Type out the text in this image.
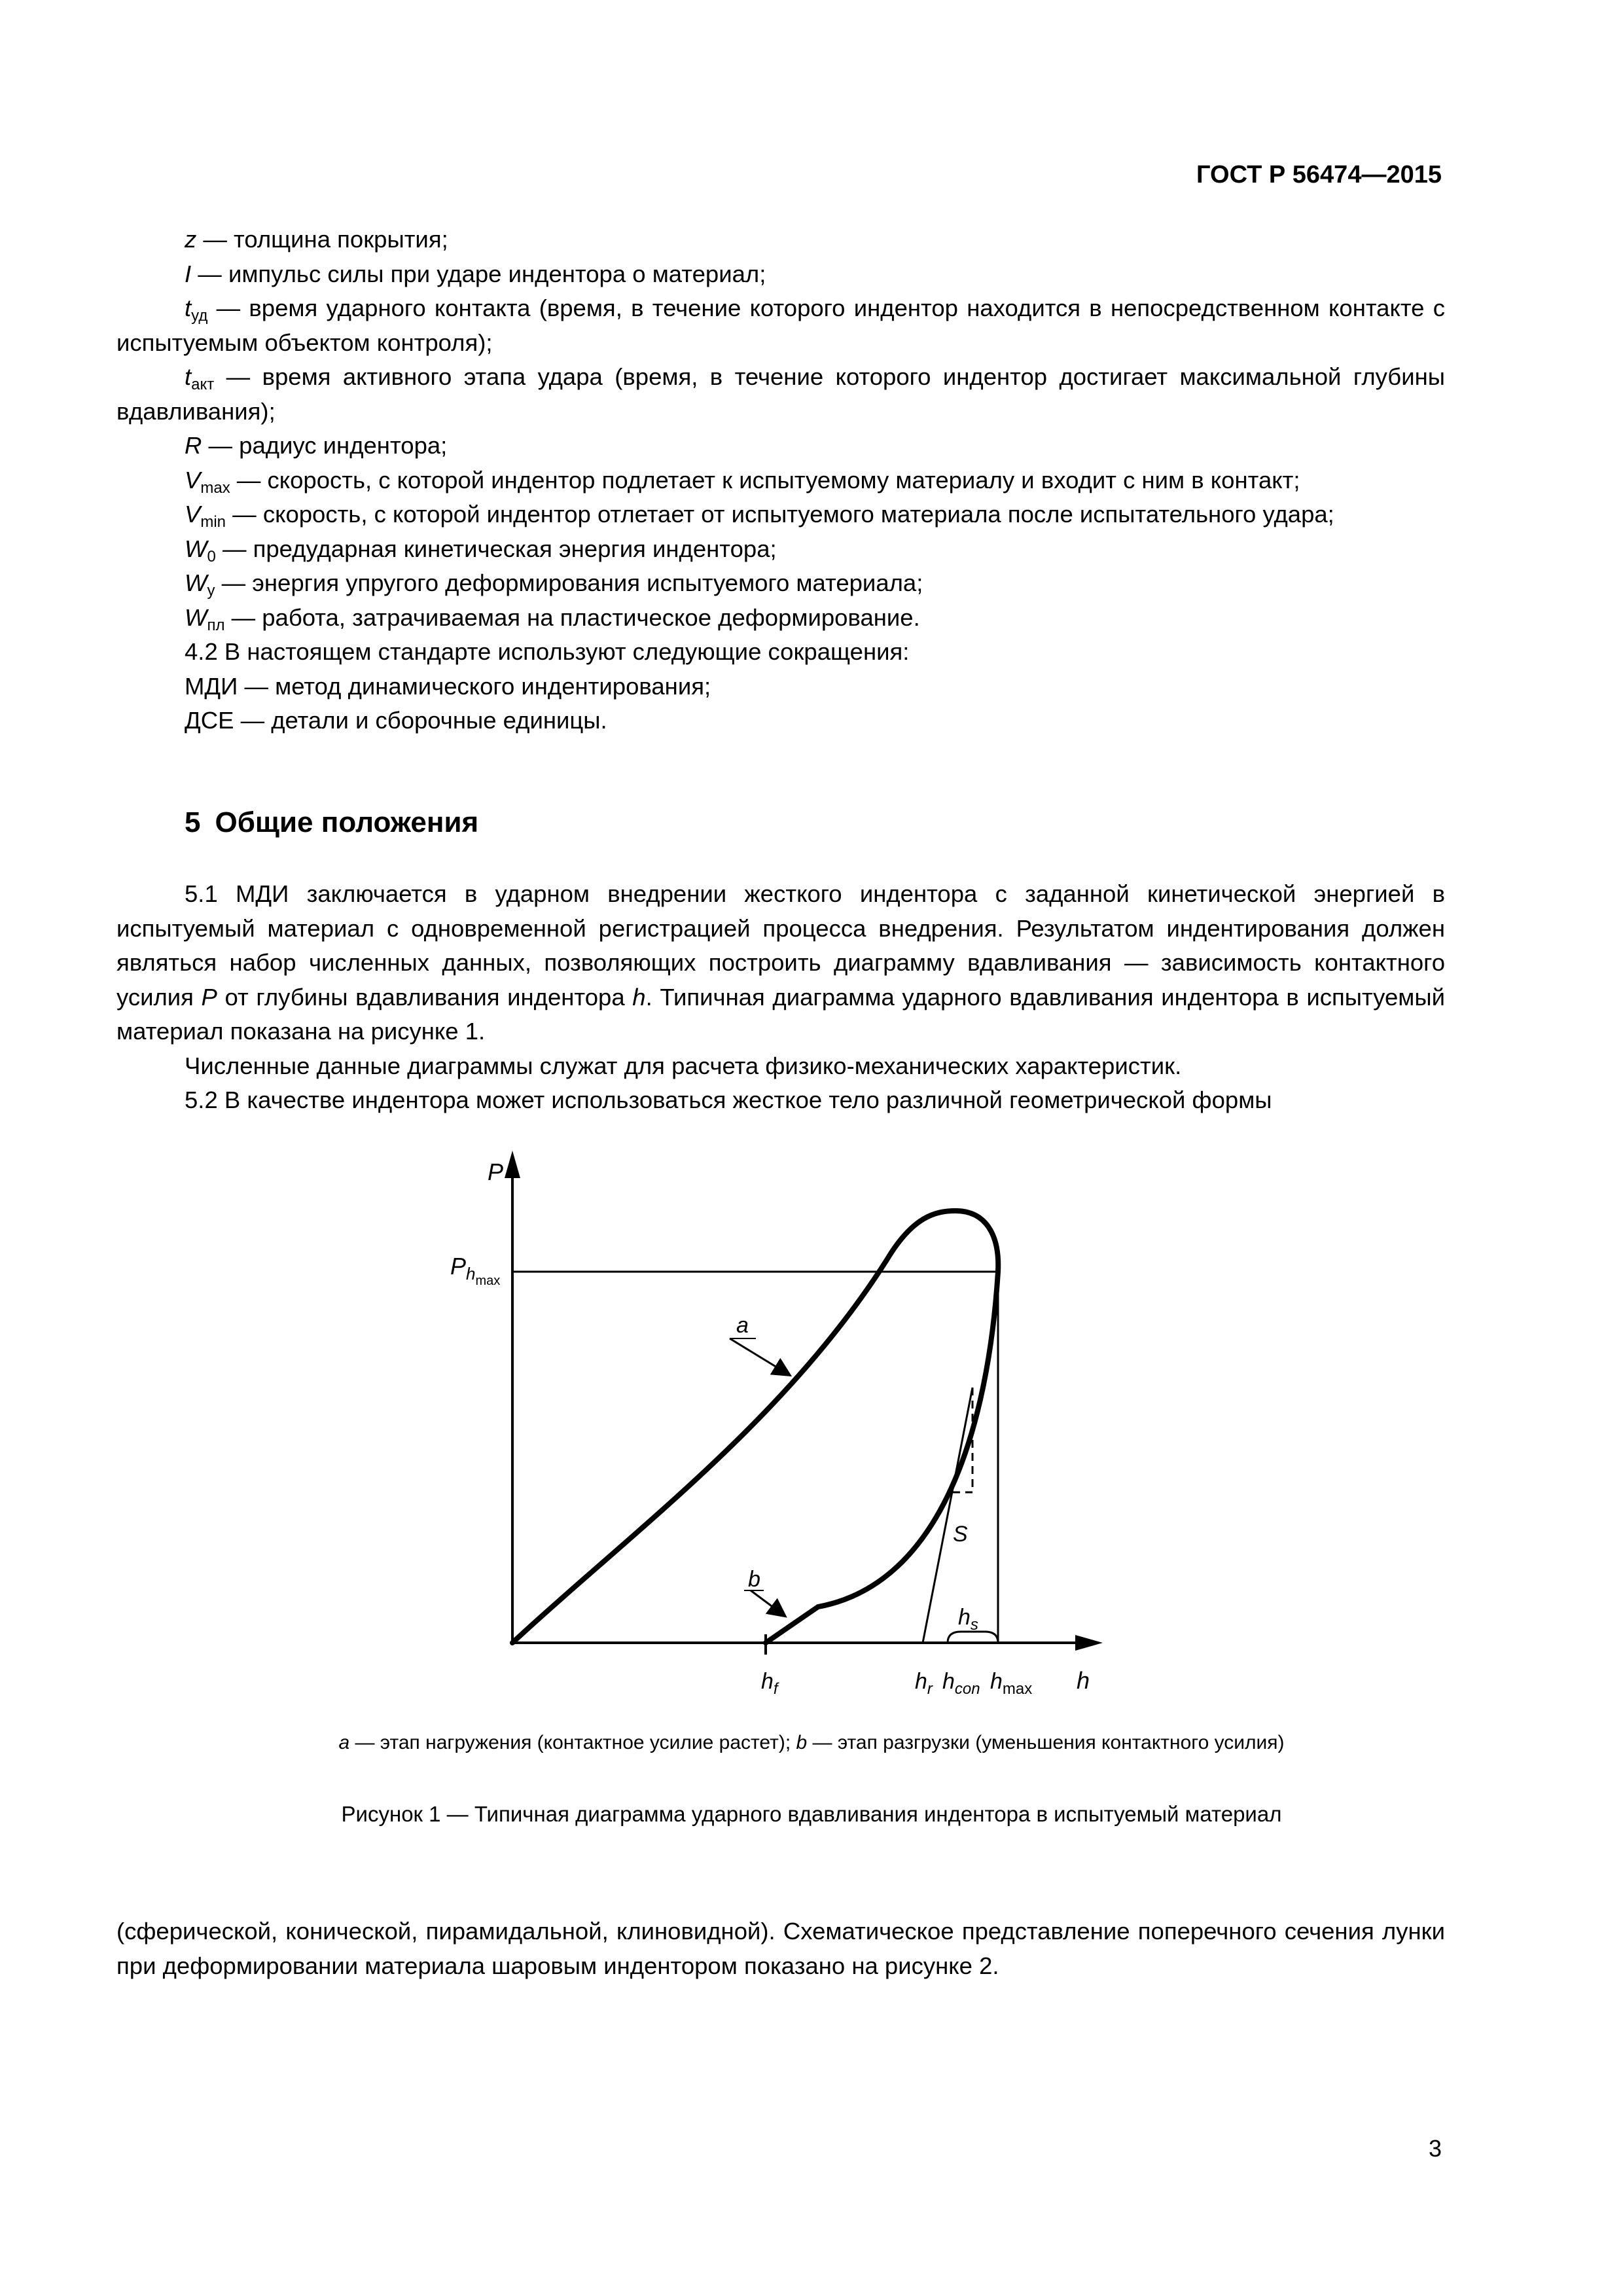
ГОСТ Р 56474—2015

z — толщина покрытия;

I — импульс силы при ударе индентора о материал;

$t_{уд}$ — время ударного контакта (время, в течение которого индентор находится в непосредственном контакте с испытуемым объектом контроля);

$t_{акт}$ — время активного этапа удара (время, в течение которого индентор достигает максимальной глубины вдавливания);

R — радиус индентора;

$V_{max}$ — скорость, с которой индентор подлетает к испытуемому материалу и входит с ним в контакт;

$V_{min}$ — скорость, с которой индентор отлетает от испытуемого материала после испытательного удара;

$W_0$ — предударная кинетическая энергия индентора;

$W_у$ — энергия упругого деформирования испытуемого материала;

$W_{пл}$ — работа, затрачиваемая на пластическое деформирование.

4.2 В настоящем стандарте используют следующие сокращения:

МДИ — метод динамического индентирования;

ДСЕ — детали и сборочные единицы.

5 Общие положения

5.1 МДИ заключается в ударном внедрении жесткого индентора с заданной кинетической энергией в испытуемый материал с одновременной регистрацией процесса внедрения. Результатом индентирования должен являться набор численных данных, позволяющих построить диаграмму вдавливания — зависимость контактного усилия P от глубины вдавливания индентора h. Типичная диаграмма ударного вдавливания индентора в испытуемый материал показана на рисунке 1.

Численные данные диаграммы служат для расчета физико-механических характеристик.

5.2 В качестве индентора может использоваться жесткое тело различной геометрической формы

P
h
$P_{hmax}$
a
b
S
$h_s$
$h_f$	$h_r$ $h_{con}$ $h_{max}$
a — этап нагружения (контактное усилие растет); b — этап разгрузки (уменьшения контактного усилия)
Рисунок 1 — Типичная диаграмма ударного вдавливания индентора в испытуемый материал

(сферической, конической, пирамидальной, клиновидной). Схематическое представление поперечного сечения лунки при деформировании материала шаровым индентором показано на рисунке 2.

3
